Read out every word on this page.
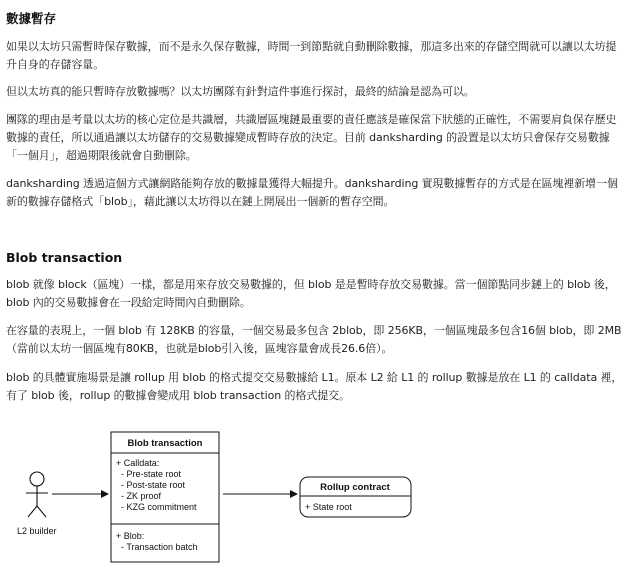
數據暫存

如果以太坊只需暫時保存數據，而不是永久保存數據，時間一到節點就自動刪除數據，那這多出來的存儲空間就可以讓以太坊提升自身的存儲容量。

但以太坊真的能只暫時存放數據嗎？以太坊團隊有針對這件事進行探討，最終的結論是認為可以。

團隊的理由是考量以太坊的核心定位是共識層，共識層區塊鏈最重要的責任應該是確保當下狀態的正確性，不需要肩負保存歷史數據的責任，所以通過讓以太坊儲存的交易數據變成暫時存放的決定。目前 danksharding 的設置是以太坊只會保存交易數據「一個月」，超過期限後就會自動刪除。

danksharding 透過這個方式讓網路能夠存放的數據量獲得大幅提升。danksharding 實現數據暫存的方式是在區塊裡新增一個新的數據存儲格式「blob」，藉此讓以太坊得以在鏈上開展出一個新的暫存空間。

Blob transaction

blob 就像 block（區塊）一樣，都是用來存放交易數據的，但 blob 是是暫時存放交易數據。當一個節點同步鏈上的 blob 後，blob 內的交易數據會在一段給定時間內自動刪除。

在容量的表現上，一個 blob 有 128KB 的容量，一個交易最多包含 2blob，即 256KB，一個區塊最多包含16個 blob，即 2MB（當前以太坊一個區塊有80KB，也就是blob引入後，區塊容量會成長26.6倍）。

blob 的具體實施場景是讓 rollup 用 blob 的格式提交交易數據給 L1。原本 L2 給 L1 的 rollup 數據是放在 L1 的 calldata 裡，有了 blob 後，rollup 的數據會變成用 blob transaction 的格式提交。

L2 builder
Blob transaction
+ Calldata:
- Pre-state root
- Post-state root
- ZK proof
- KZG commitment
+ Blob:
- Transaction batch
Rollup contract
+ State root
